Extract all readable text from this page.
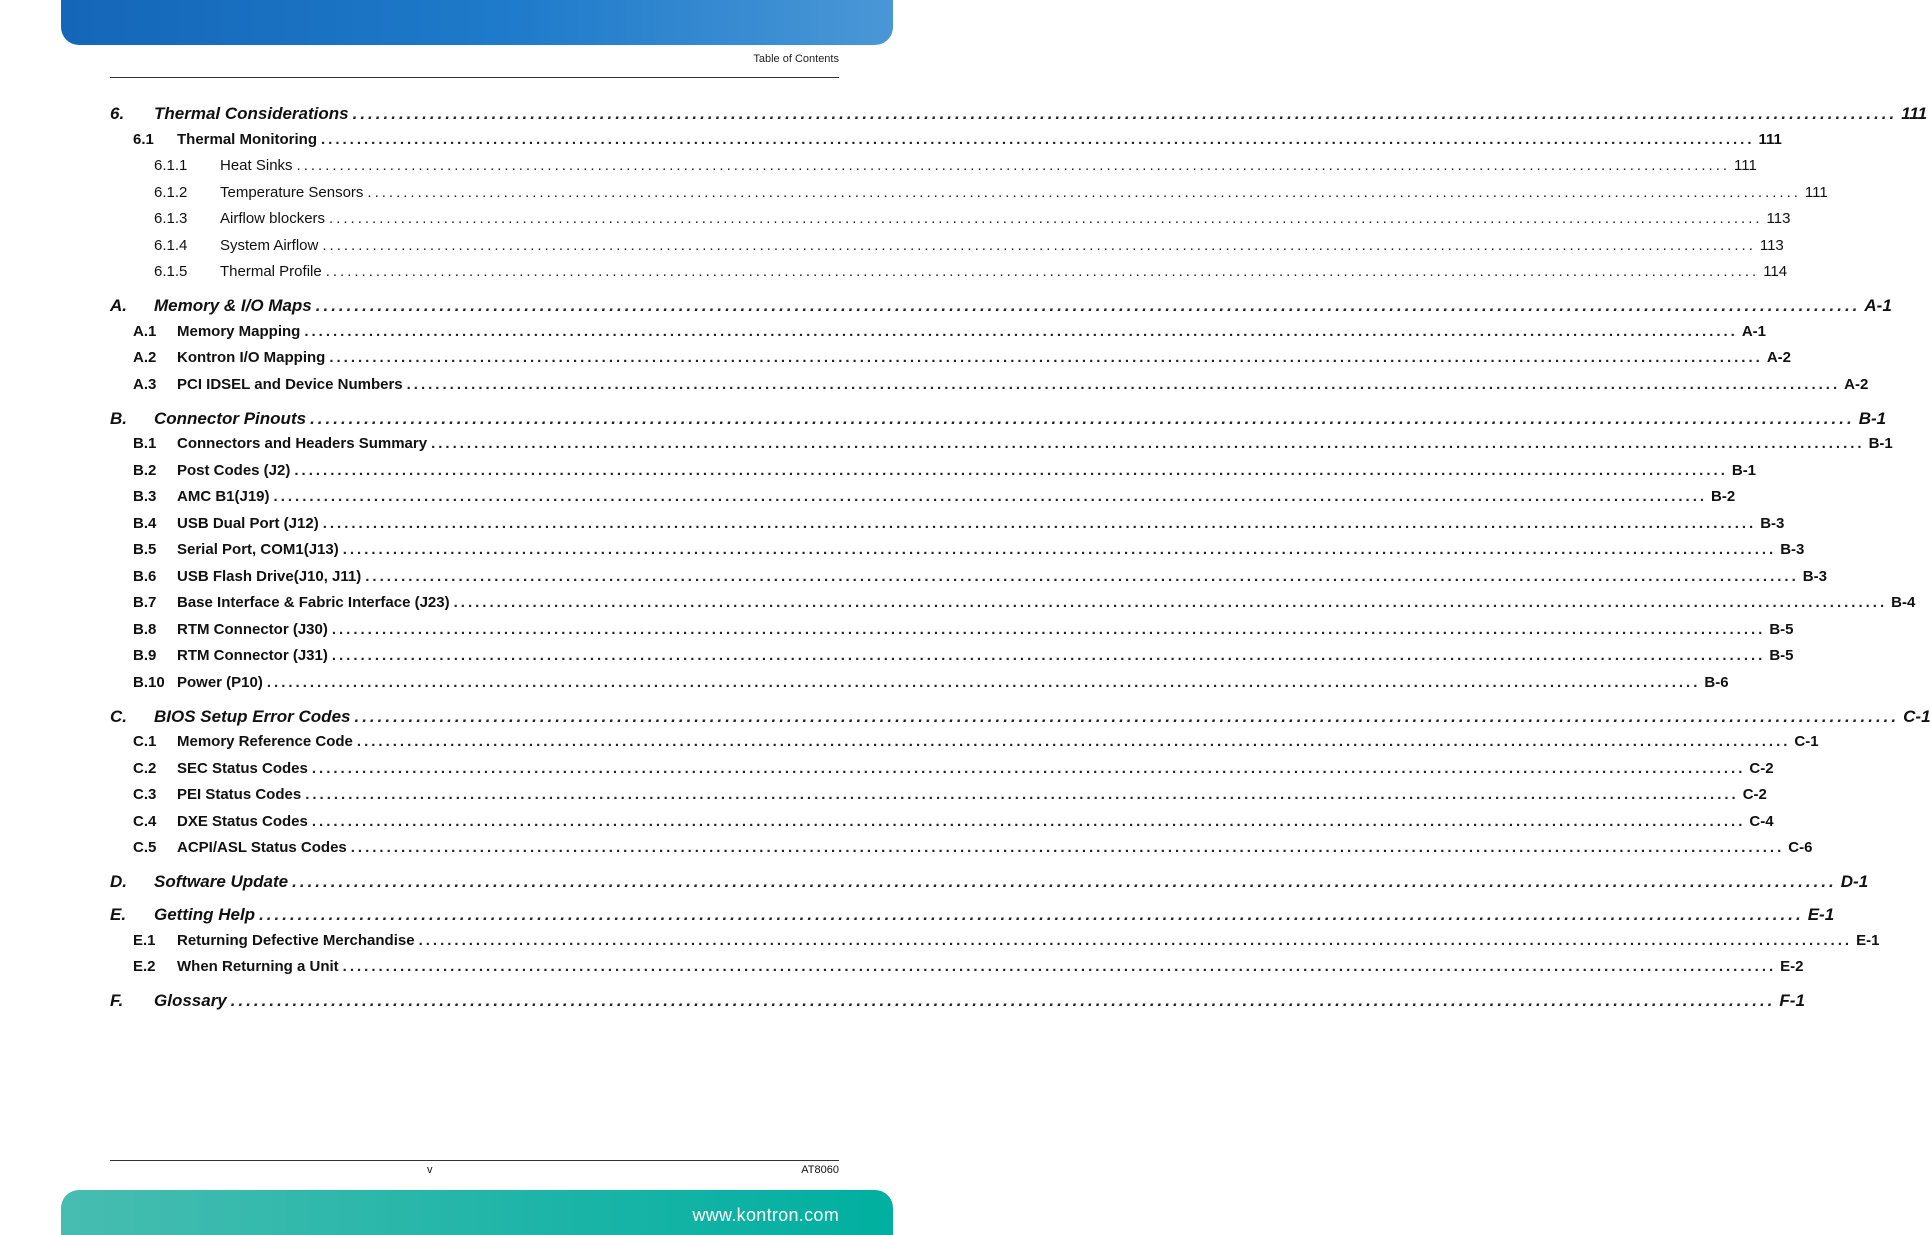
Table of Contents
6.	Thermal Considerations ........................................................................................................................................................................................................ 111
6.1	Thermal Monitoring ........................................................................................................................................................................................................ 111
6.1.1	Heat Sinks ........................................................................................................................................................................................................ 111
6.1.2	Temperature Sensors ........................................................................................................................................................................................................ 111
6.1.3	Airflow blockers ........................................................................................................................................................................................................ 113
6.1.4	System Airflow ........................................................................................................................................................................................................ 113
6.1.5	Thermal Profile ........................................................................................................................................................................................................ 114
A.	Memory & I/O Maps ........................................................................................................................................................................................................ A-1
A.1	Memory Mapping ........................................................................................................................................................................................................ A-1
A.2	Kontron I/O Mapping ........................................................................................................................................................................................................ A-2
A.3	PCI IDSEL and Device Numbers ........................................................................................................................................................................................................ A-2
B.	Connector Pinouts ........................................................................................................................................................................................................ B-1
B.1	Connectors and Headers Summary ........................................................................................................................................................................................................ B-1
B.2	Post Codes (J2) ........................................................................................................................................................................................................ B-1
B.3	AMC B1(J19) ........................................................................................................................................................................................................ B-2
B.4	USB Dual Port (J12) ........................................................................................................................................................................................................ B-3
B.5	Serial Port, COM1(J13) ........................................................................................................................................................................................................ B-3
B.6	USB Flash Drive(J10, J11) ........................................................................................................................................................................................................ B-3
B.7	Base Interface & Fabric Interface (J23) ........................................................................................................................................................................................................ B-4
B.8	RTM Connector (J30) ........................................................................................................................................................................................................ B-5
B.9	RTM Connector (J31) ........................................................................................................................................................................................................ B-5
B.10 Power (P10) ........................................................................................................................................................................................................ B-6
C.	BIOS Setup Error Codes ........................................................................................................................................................................................................ C-1
C.1	Memory Reference Code ........................................................................................................................................................................................................ C-1
C.2	SEC Status Codes ........................................................................................................................................................................................................ C-2
C.3	PEI Status Codes ........................................................................................................................................................................................................ C-2
C.4	DXE Status Codes ........................................................................................................................................................................................................ C-4
C.5	ACPI/ASL Status Codes ........................................................................................................................................................................................................ C-6
D.	Software Update ........................................................................................................................................................................................................ D-1
E.	Getting Help ........................................................................................................................................................................................................ E-1
E.1	Returning Defective Merchandise ........................................................................................................................................................................................................ E-1
E.2	When Returning a Unit ........................................................................................................................................................................................................ E-2
F.	Glossary ........................................................................................................................................................................................................ F-1
v	AT8060
www.kontron.com
